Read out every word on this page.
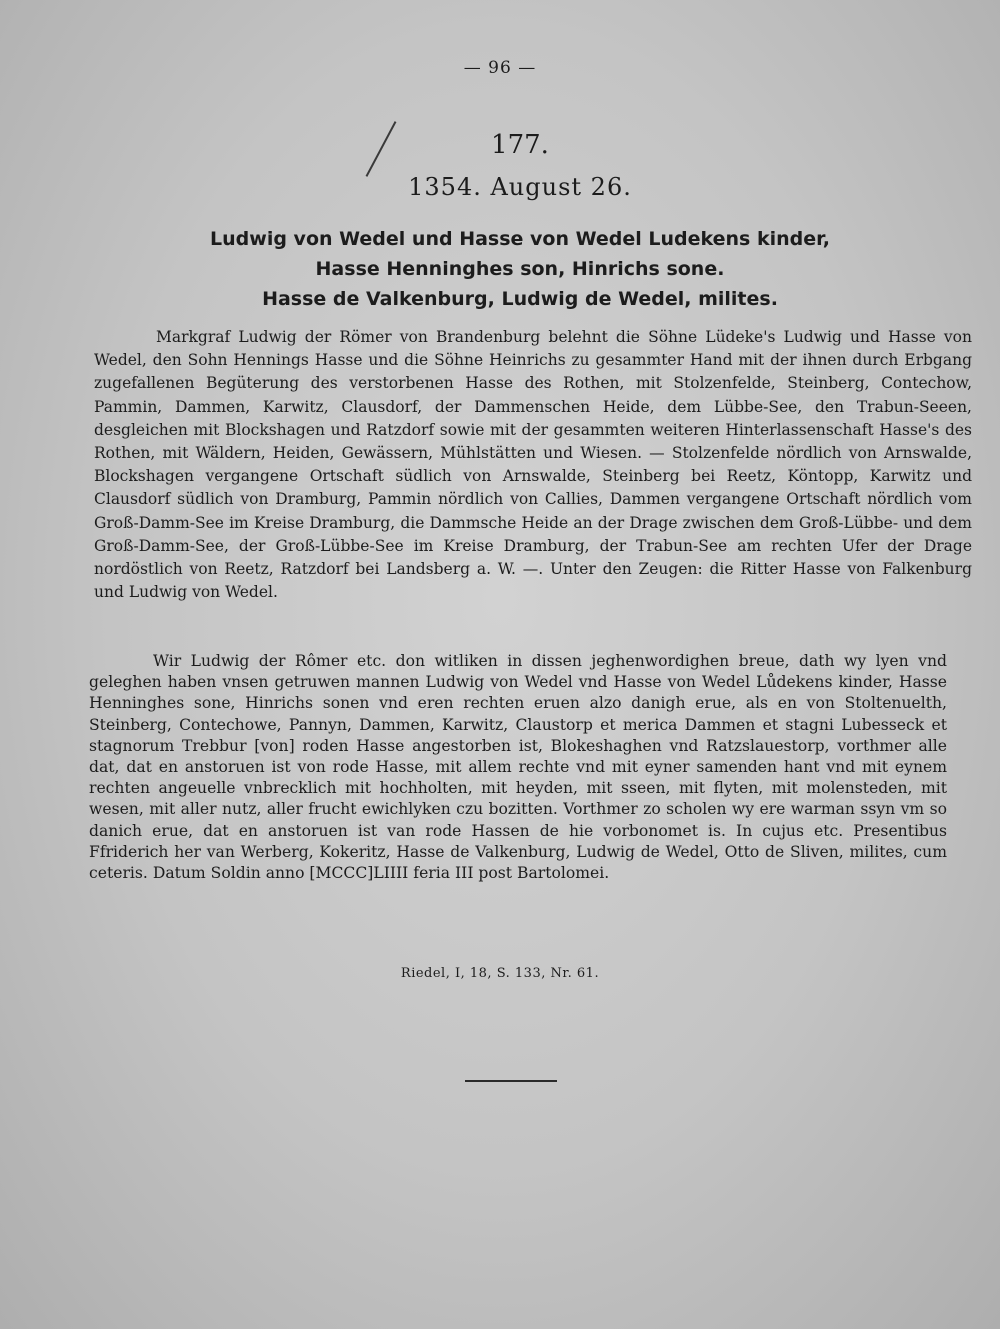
— 96 —
177.
1354. August 26.
Ludwig von Wedel und Hasse von Wedel Ludekens kinder,
Hasse Henninghes son, Hinrichs sone.
Hasse de Valkenburg, Ludwig de Wedel, milites.

Markgraf Ludwig der Römer von Brandenburg belehnt die Söhne Lüdeke's Ludwig und Hasse von Wedel, den Sohn Hennings Hasse und die Söhne Heinrichs zu gesammter Hand mit der ihnen durch Erbgang zugefallenen Begüterung des verstorbenen Hasse des Rothen, mit Stolzenfelde, Steinberg, Contechow, Pammin, Dammen, Karwitz, Clausdorf, der Dammenschen Heide, dem Lübbe-See, den Trabun-Seeen, desgleichen mit Blockshagen und Ratzdorf sowie mit der gesammten weiteren Hinterlassenschaft Hasse's des Rothen, mit Wäldern, Heiden, Gewässern, Mühlstätten und Wiesen. — Stolzenfelde nördlich von Arnswalde, Blockshagen vergangene Ortschaft südlich von Arnswalde, Steinberg bei Reetz, Köntopp, Karwitz und Clausdorf südlich von Dramburg, Pammin nördlich von Callies, Dammen vergangene Ortschaft nördlich vom Groß-Damm-See im Kreise Dramburg, die Dammsche Heide an der Drage zwischen dem Groß-Lübbe- und dem Groß-Damm-See, der Groß-Lübbe-See im Kreise Dramburg, der Trabun-See am rechten Ufer der Drage nordöstlich von Reetz, Ratzdorf bei Landsberg a. W. —. Unter den Zeugen: die Ritter Hasse von Falkenburg und Ludwig von Wedel.

Wir Ludwig der Rômer etc. don witliken in dissen jeghenwordighen breue, dath wy lyen vnd geleghen haben vnsen getruwen mannen Ludwig von Wedel vnd Hasse von Wedel Lůdekens kinder, Hasse Henninghes sone, Hinrichs sonen vnd eren rechten eruen alzo danigh erue, als en von Stoltenuelth, Steinberg, Contechowe, Pannyn, Dammen, Karwitz, Claustorp et merica Dammen et stagni Lubesseck et stagnorum Trebbur [von] roden Hasse angestorben ist, Blokeshaghen vnd Ratzslauestorp, vorthmer alle dat, dat en anstoruen ist von rode Hasse, mit allem rechte vnd mit eyner samenden hant vnd mit eynem rechten angeuelle vnbrecklich mit hochholten, mit heyden, mit sseen, mit flyten, mit molensteden, mit wesen, mit aller nutz, aller frucht ewichlyken czu bozitten. Vorthmer zo scholen wy ere warman ssyn vm so danich erue, dat en anstoruen ist van rode Hassen de hie vorbonomet is. In cujus etc. Presentibus Ffriderich her van Werberg, Kokeritz, Hasse de Valkenburg, Ludwig de Wedel, Otto de Sliven, milites, cum ceteris. Datum Soldin anno [MCCC]LIIII feria III post Bartolomei.

Riedel, I, 18, S. 133, Nr. 61.
